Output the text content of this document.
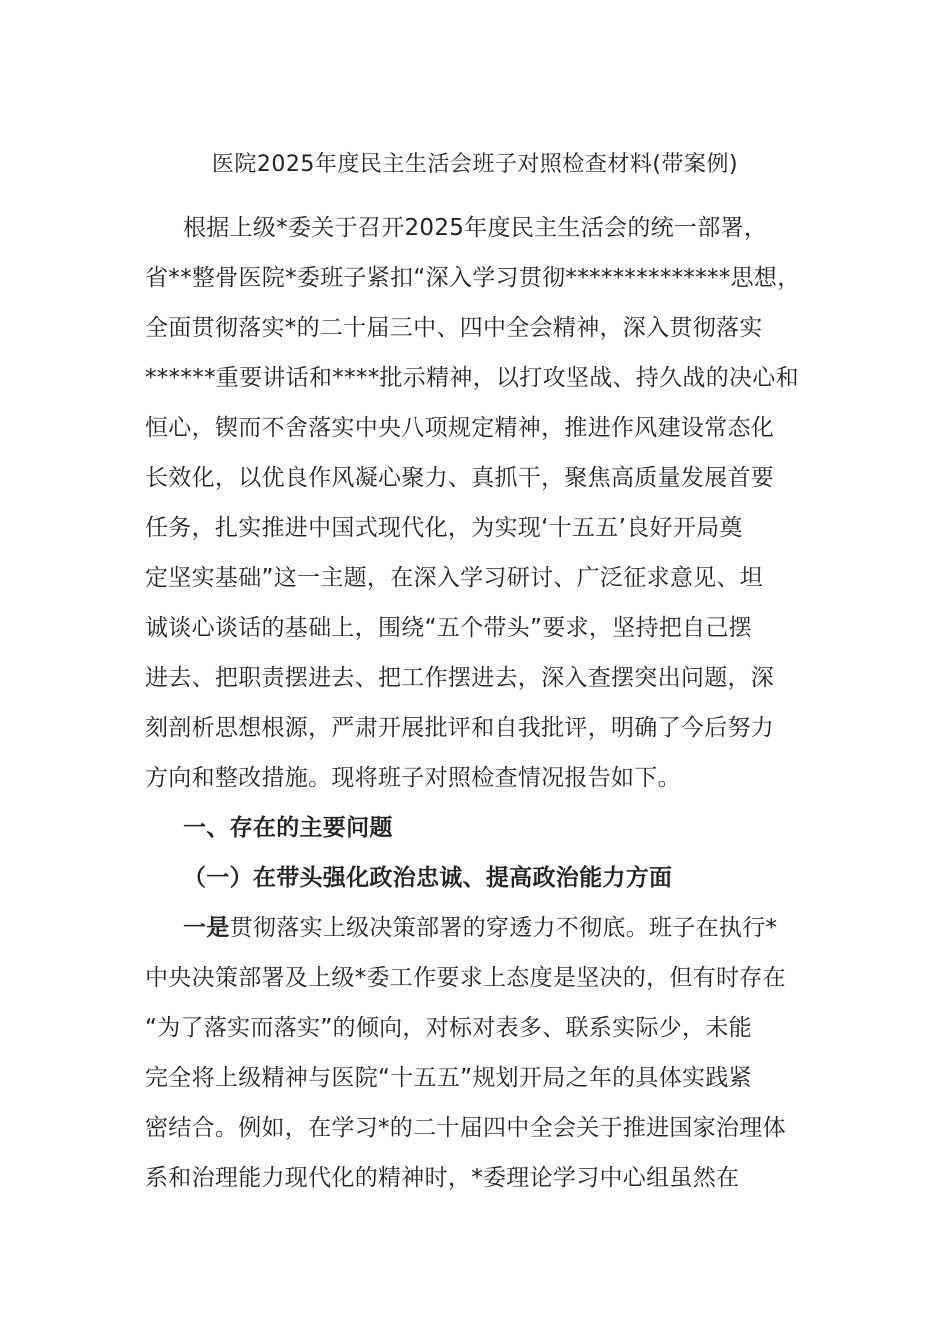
医院2025年度民主生活会班子对照检查材料(带案例)
根据上级*委关于召开2025年度民主生活会的统一部署，
省**整骨医院*委班子紧扣“深入学习贯彻**************思想，
全面贯彻落实*的二十届三中、四中全会精神，深入贯彻落实
******重要讲话和****批示精神，以打攻坚战、持久战的决心和
恒心，锲而不舍落实中央八项规定精神，推进作风建设常态化
长效化，以优良作风凝心聚力、真抓干，聚焦高质量发展首要
任务，扎实推进中国式现代化，为实现‘十五五’良好开局奠
定坚实基础”这一主题，在深入学习研讨、广泛征求意见、坦
诚谈心谈话的基础上，围绕“五个带头”要求，坚持把自己摆
进去、把职责摆进去、把工作摆进去，深入查摆突出问题，深
刻剖析思想根源，严肃开展批评和自我批评，明确了今后努力
方向和整改措施。现将班子对照检查情况报告如下。
一、存在的主要问题
（一）在带头强化政治忠诚、提高政治能力方面
一是贯彻落实上级决策部署的穿透力不彻底。班子在执行*
中央决策部署及上级*委工作要求上态度是坚决的，但有时存在
“为了落实而落实”的倾向，对标对表多、联系实际少，未能
完全将上级精神与医院“十五五”规划开局之年的具体实践紧
密结合。例如，在学习*的二十届四中全会关于推进国家治理体
系和治理能力现代化的精神时，*委理论学习中心组虽然在
